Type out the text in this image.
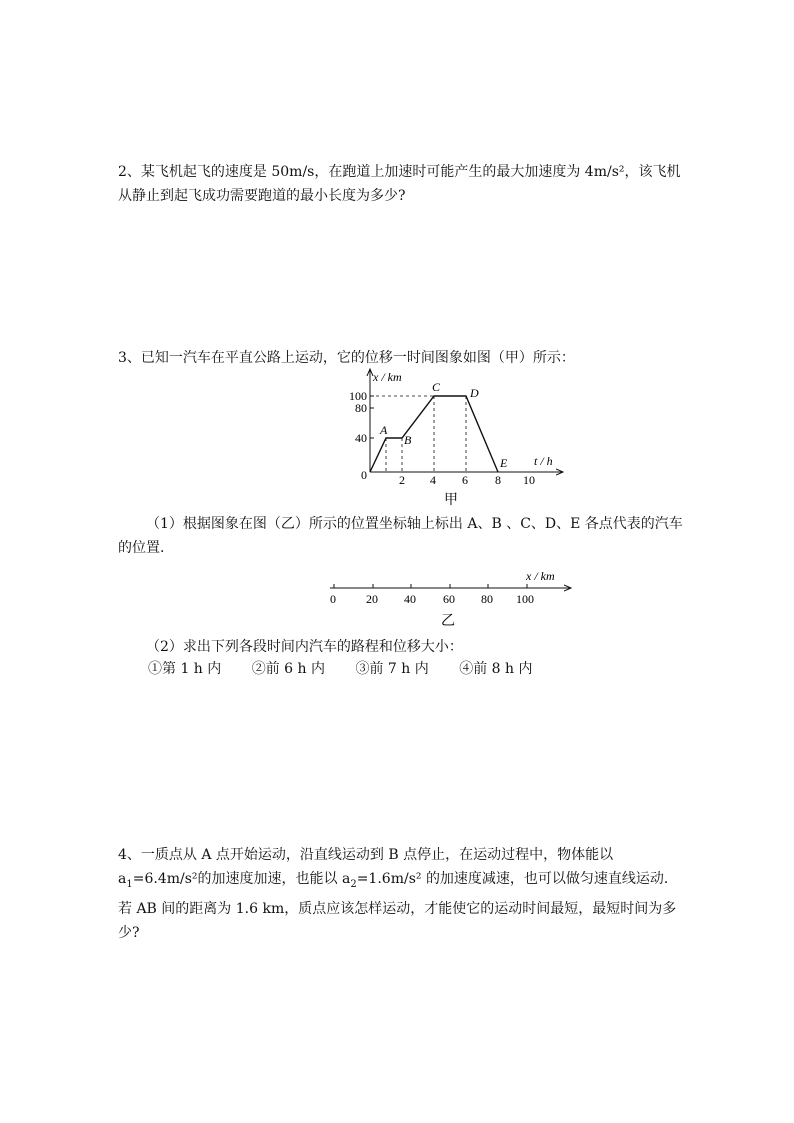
2、某飞机起飞的速度是 50m/s，在跑道上加速时可能产生的最大加速度为 4m/s²，该飞机从静止到起飞成功需要跑道的最小长度为多少?
3、已知一汽车在平直公路上运动，它的位移一时间图象如图（甲）所示：
x / km
t / h
0
100
80
40
2 4 6 8 10
A
B
C D
E
甲
（1）根据图象在图（乙）所示的位置坐标轴上标出 A、B 、C、D、E 各点代表的汽车的位置.
x / km
0	20 40 60 80 100
乙
（2）求出下列各段时间内汽车的路程和位移大小：
①第 1 h 内 ②前 6 h 内 ③前 7 h 内 ④前 8 h 内
4、一质点从 A 点开始运动，沿直线运动到 B 点停止，在运动过程中，物体能以 $a_1=6.4m/s^2$的加速度加速，也能以 $a_2=1.6m/s^2$ 的加速度减速，也可以做匀速直线运动．若 AB 间的距离为 1.6 km，质点应该怎样运动，才能使它的运动时间最短，最短时间为多少?
